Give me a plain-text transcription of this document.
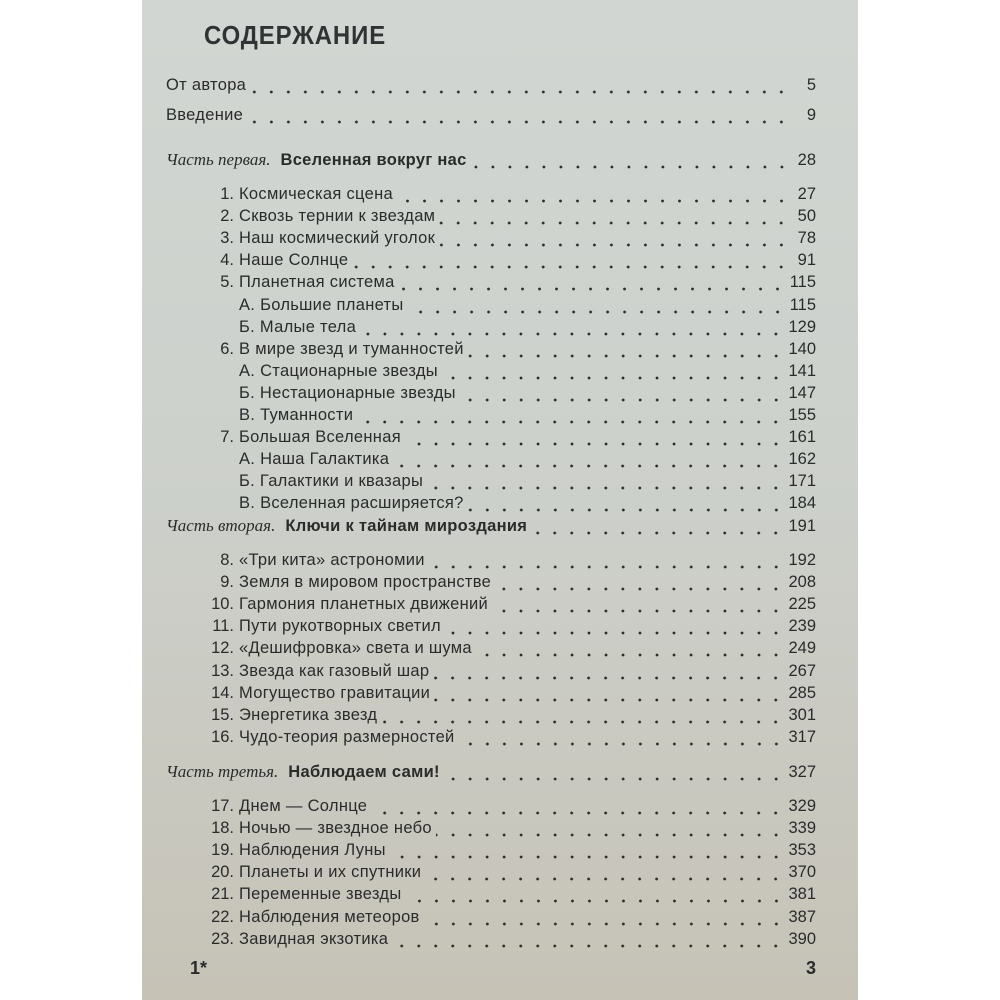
СОДЕРЖАНИЕ
От автора	5
Введение	9
Часть первая. Вселенная вокруг нас	28
1. Космическая сцена	27
2. Сквозь тернии к звездам	50
3. Наш космический уголок	78
4. Наше Солнце	91
5. Планетная система	115
А. Большие планеты	115
Б. Малые тела	129
6. В мире звезд и туманностей	140
А. Стационарные звезды	141
Б. Нестационарные звезды	147
В. Туманности	155
7. Большая Вселенная	161
А. Наша Галактика	162
Б. Галактики и квазары	171
В. Вселенная расширяется?	184
Часть вторая. Ключи к тайнам мироздания	191
8. «Три кита» астрономии	192
9. Земля в мировом пространстве	208
10. Гармония планетных движений	225
11. Пути рукотворных светил	239
12. «Дешифровка» света и шума	249
13. Звезда как газовый шар	267
14. Могущество гравитации	285
15. Энергетика звезд	301
16. Чудо-теория размерностей	317
Часть третья. Наблюдаем сами!	327
17. Днем — Солнце	329
18. Ночью — звездное небо	339
19. Наблюдения Луны	353
20. Планеты и их спутники	370
21. Переменные звезды	381
22. Наблюдения метеоров	387
23. Завидная экзотика	390
1*	3
